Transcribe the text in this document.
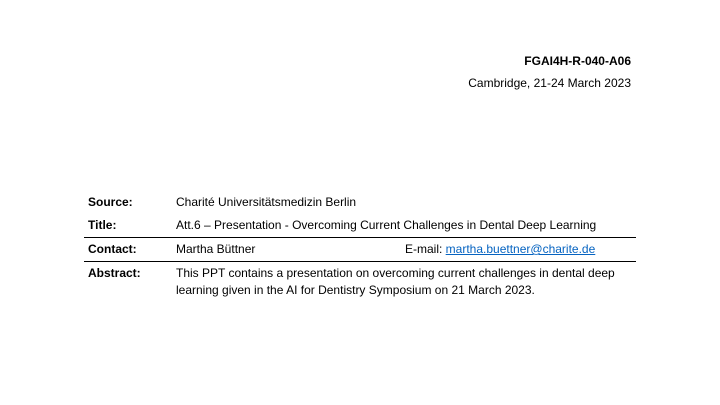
FGAI4H-R-040-A06
Cambridge, 21-24 March 2023
Source:	Charité Universitätsmedizin Berlin
Title:	Att.6 – Presentation - Overcoming Current Challenges in Dental Deep Learning
Contact:	Martha Büttner E-mail: martha.buettner@charite.de

Abstract:	This PPT contains a presentation on overcoming current challenges in dental deep learning given in the AI for Dentistry Symposium on 21 March 2023.
